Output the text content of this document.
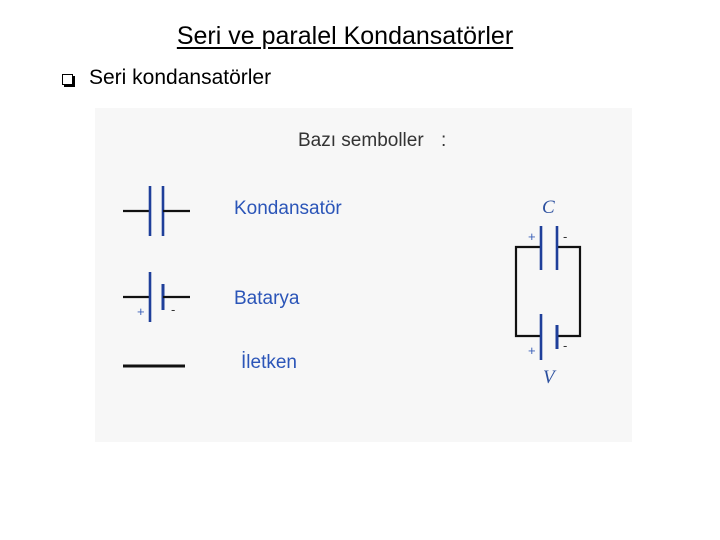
Seri ve paralel Kondansatörler
Seri kondansatörler
Bazı semboller :
Kondansatör
Batarya
İletken
+ -
C
V
+ -
+ -
